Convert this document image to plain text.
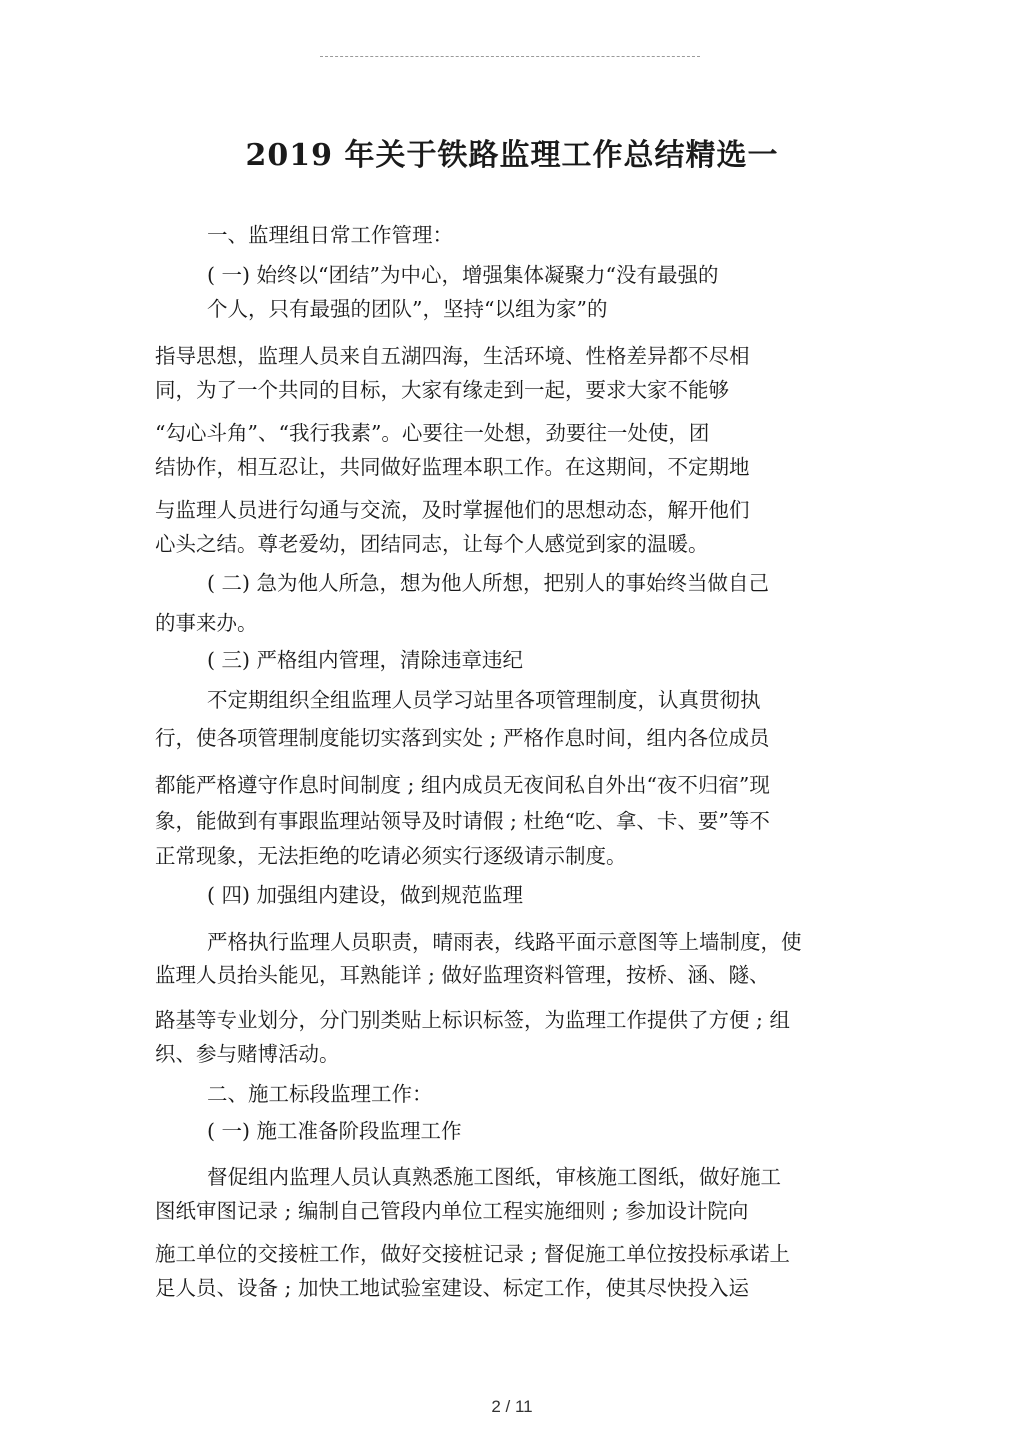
2019 年关于铁路监理工作总结精选一
一、监理组日常工作管理：
( 一) 始终以“团结”为中心，增强集体凝聚力“没有最强的
个人，只有最强的团队”，坚持“以组为家”的
指导思想，监理人员来自五湖四海，生活环境、性格差异都不尽相
同，为了一个共同的目标，大家有缘走到一起，要求大家不能够
“勾心斗角”、“我行我素”。心要往一处想，劲要往一处使，团
结协作，相互忍让，共同做好监理本职工作。在这期间，不定期地
与监理人员进行勾通与交流，及时掌握他们的思想动态，解开他们
心头之结。尊老爱幼，团结同志，让每个人感觉到家的温暖。
( 二) 急为他人所急，想为他人所想，把别人的事始终当做自己
的事来办。
( 三) 严格组内管理，清除违章违纪
不定期组织全组监理人员学习站里各项管理制度，认真贯彻执
行，使各项管理制度能切实落到实处 ; 严格作息时间，组内各位成员
都能严格遵守作息时间制度 ; 组内成员无夜间私自外出“夜不归宿”现
象，能做到有事跟监理站领导及时请假 ; 杜绝“吃、拿、卡、要”等不
正常现象，无法拒绝的吃请必须实行逐级请示制度。
( 四) 加强组内建设，做到规范监理
严格执行监理人员职责，晴雨表，线路平面示意图等上墙制度，使
监理人员抬头能见，耳熟能详 ; 做好监理资料管理，按桥、涵、隧、
路基等专业划分，分门别类贴上标识标签，为监理工作提供了方便 ; 组
织、参与赌博活动。
二、施工标段监理工作：
( 一) 施工准备阶段监理工作
督促组内监理人员认真熟悉施工图纸，审核施工图纸，做好施工
图纸审图记录 ; 编制自己管段内单位工程实施细则 ; 参加设计院向
施工单位的交接桩工作，做好交接桩记录 ; 督促施工单位按投标承诺上
足人员、设备 ; 加快工地试验室建设、标定工作，使其尽快投入运
2 / 11
